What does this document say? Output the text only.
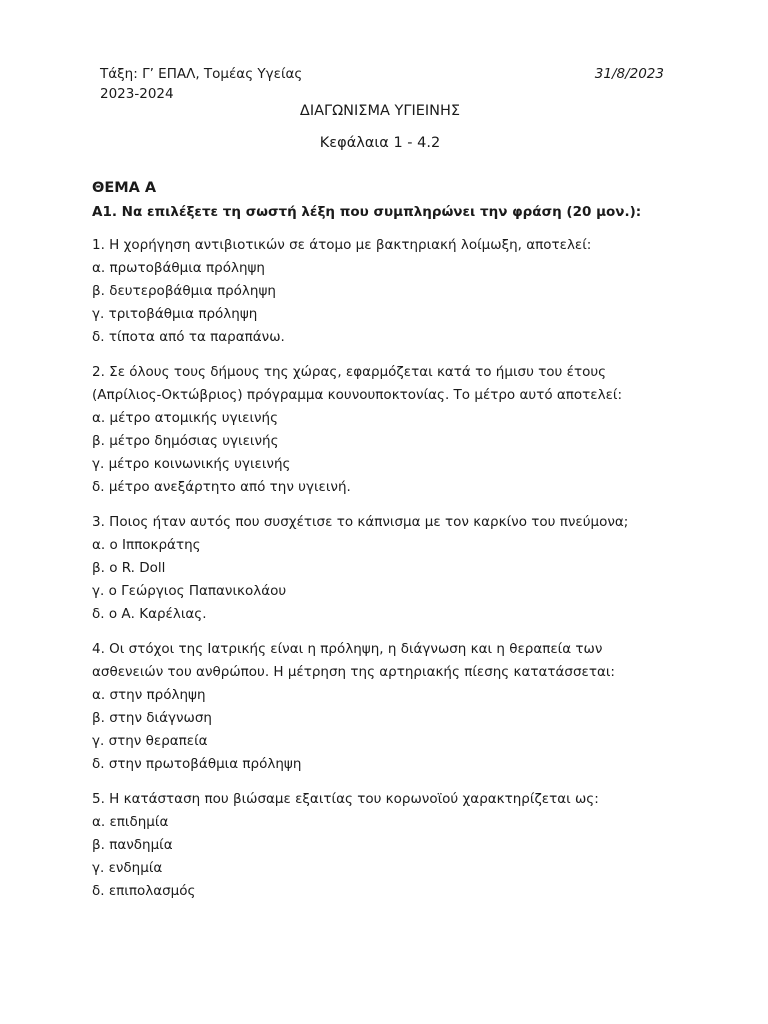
Τάξη: Γ’ ΕΠΑΛ, Τομέας Υγείας
2023-2024
31/8/2023
ΔΙΑΓΩΝΙΣΜΑ ΥΓΙΕΙΝΗΣ
Κεφάλαια 1 - 4.2
ΘΕΜΑ Α
Α1. Να επιλέξετε τη σωστή λέξη που συμπληρώνει την φράση (20 μον.):
1. Η χορήγηση αντιβιοτικών σε άτομο με βακτηριακή λοίμωξη, αποτελεί:
α. πρωτοβάθμια πρόληψη
β. δευτεροβάθμια πρόληψη
γ. τριτοβάθμια πρόληψη
δ. τίποτα από τα παραπάνω.
2. Σε όλους τους δήμους της χώρας, εφαρμόζεται κατά το ήμισυ του έτους
(Απρίλιος-Οκτώβριος) πρόγραμμα κουνουποκτονίας. Το μέτρο αυτό αποτελεί:
α. μέτρο ατομικής υγιεινής
β. μέτρο δημόσιας υγιεινής
γ. μέτρο κοινωνικής υγιεινής
δ. μέτρο ανεξάρτητο από την υγιεινή.
3. Ποιος ήταν αυτός που συσχέτισε το κάπνισμα με τον καρκίνο του πνεύμονα;
α. ο Ιπποκράτης
β. ο R. Doll
γ. ο Γεώργιος Παπανικολάου
δ. ο Α. Καρέλιας.
4. Οι στόχοι της Ιατρικής είναι η πρόληψη, η διάγνωση και η θεραπεία των
ασθενειών του ανθρώπου. Η μέτρηση της αρτηριακής πίεσης κατατάσσεται:
α. στην πρόληψη
β. στην διάγνωση
γ. στην θεραπεία
δ. στην πρωτοβάθμια πρόληψη
5. Η κατάσταση που βιώσαμε εξαιτίας του κορωνοϊού χαρακτηρίζεται ως:
α. επιδημία
β. πανδημία
γ. ενδημία
δ. επιπολασμός
